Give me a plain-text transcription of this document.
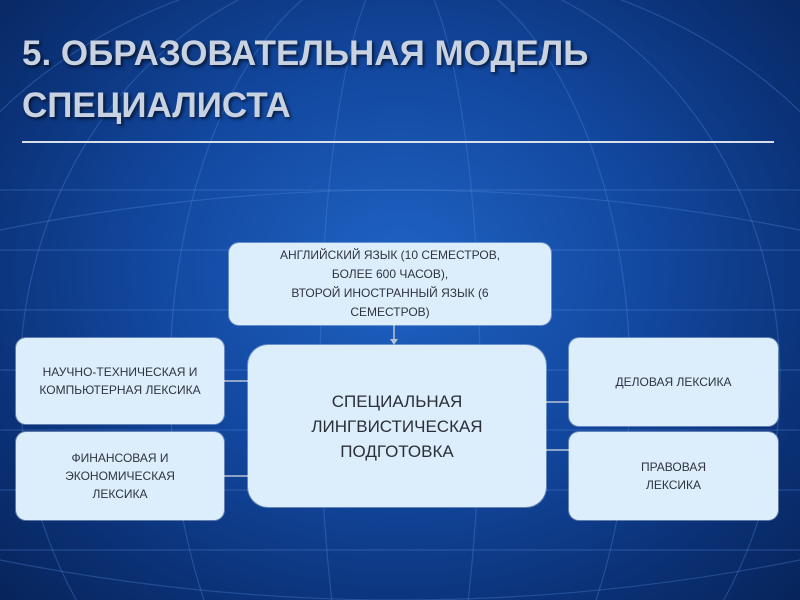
5. ОБРАЗОВАТЕЛЬНАЯ МОДЕЛЬ
СПЕЦИАЛИСТА
АНГЛИЙСКИЙ ЯЗЫК (10 СЕМЕСТРОВ,
БОЛЕЕ 600 ЧАСОВ),
ВТОРОЙ ИНОСТРАННЫЙ ЯЗЫК (6
СЕМЕСТРОВ)
СПЕЦИАЛЬНАЯ
ЛИНГВИСТИЧЕСКАЯ
ПОДГОТОВКА
НАУЧНО-ТЕХНИЧЕСКАЯ И
КОМПЬЮТЕРНАЯ ЛЕКСИКА
ФИНАНСОВАЯ И
ЭКОНОМИЧЕСКАЯ
ЛЕКСИКА
ДЕЛОВАЯ ЛЕКСИКА
ПРАВОВАЯ
ЛЕКСИКА
